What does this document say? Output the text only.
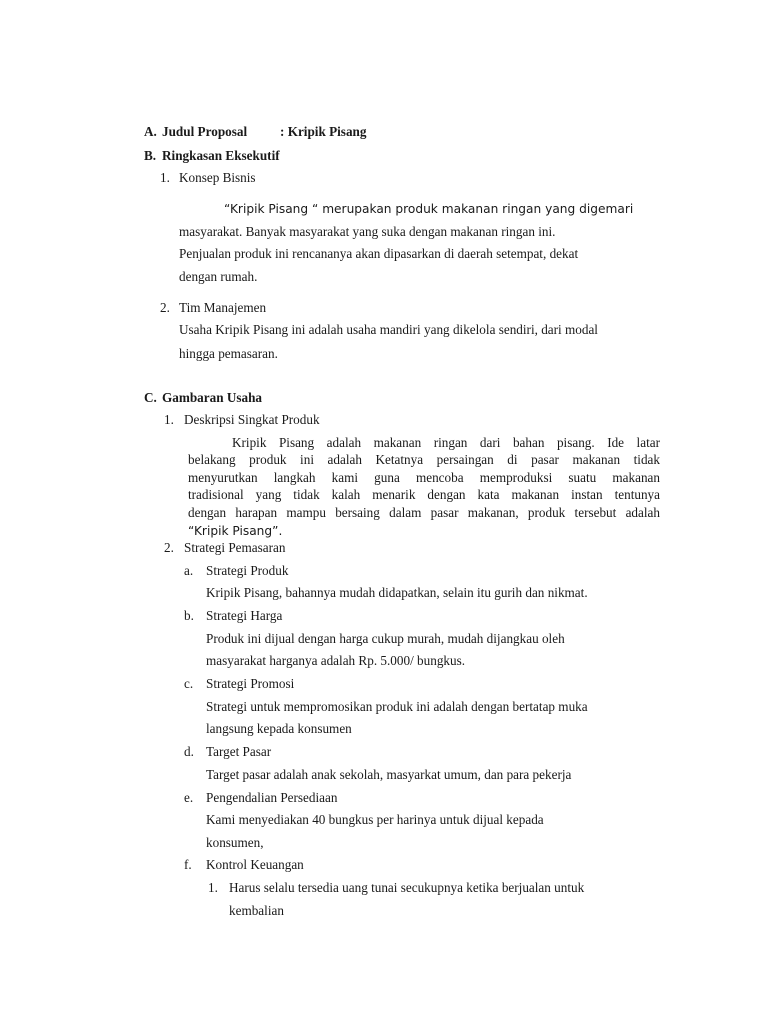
A. Judul Proposal : Kripik Pisang
B. Ringkasan Eksekutif
1. Konsep Bisnis
“Kripik Pisang “ merupakan produk makanan ringan yang digemari
masyarakat. Banyak masyarakat yang suka dengan makanan ringan ini.
Penjualan produk ini rencananya akan dipasarkan di daerah setempat, dekat
dengan rumah.
2. Tim Manajemen
Usaha Kripik Pisang ini adalah usaha mandiri yang dikelola sendiri, dari modal
hingga pemasaran.
C. Gambaran Usaha
1. Deskripsi Singkat Produk
Kripik Pisang adalah makanan ringan dari bahan pisang. Ide latar
belakang produk ini adalah Ketatnya persaingan di pasar makanan tidak
menyurutkan langkah kami guna mencoba memproduksi suatu makanan
tradisional yang tidak kalah menarik dengan kata makanan instan tentunya
dengan harapan mampu bersaing dalam pasar makanan, produk tersebut adalah
“Kripik Pisang”.
2. Strategi Pemasaran
a. Strategi Produk
Kripik Pisang, bahannya mudah didapatkan, selain itu gurih dan nikmat.
b. Strategi Harga
Produk ini dijual dengan harga cukup murah, mudah dijangkau oleh
masyarakat harganya adalah Rp. 5.000/ bungkus.
c. Strategi Promosi
Strategi untuk mempromosikan produk ini adalah dengan bertatap muka
langsung kepada konsumen
d. Target Pasar
Target pasar adalah anak sekolah, masyarkat umum, dan para pekerja
e. Pengendalian Persediaan
Kami menyediakan 40 bungkus per harinya untuk dijual kepada
konsumen,
f. Kontrol Keuangan
1. Harus selalu tersedia uang tunai secukupnya ketika berjualan untuk
kembalian
